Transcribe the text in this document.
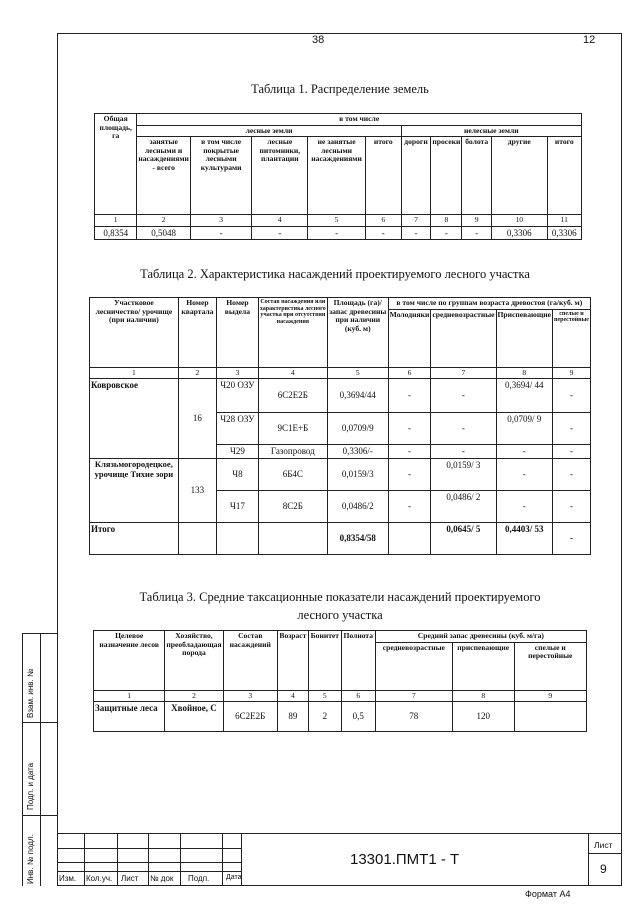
38	12
Таблица 1. Распределение земель
Общая площадь, га	в том числе									
	лесные земли					нелесные земли				
	занятые лесными и насаждениями - всего	в том числе покрытые лесными культурами	лесные питомники, плантации	не занятые лесными насаждениями	итого	дороги	просеки	болота	другие	итого
1	2	3	4	5	6	7	8	9	10	11
0,8354	0,5048	-	-	-	-	-	-	-	0,3306	0,3306
Таблица 2. Характеристика насаждений проектируемого лесного участка
Участковое лесничество/ урочище (при наличии)	Номер квартала	Номер выдела	Состав насаждения или характеристика лесного участка при отсутствии насаждения	Площадь (га)/запас древесины при наличии (куб. м)	в том числе по группам возраста древостоя (га/куб. м)			
					Молодняки	средневозрастные	Приспевающие	спелые и перестойные
1	2	3	4	5	6	7	8	9
Ковровское	16	Ч20 ОЗУ	6С2Е2Б	0,3694/44	-	-	0,3694/ 44	-
		Ч28 ОЗУ	9С1Е+Б	0,0709/9	-	-	0,0709/ 9	-
		Ч29	Газопровод	0,3306/-	-	-	-	-
Клязьмогородецкое, урочище Тихие зори	133	Ч8	6Б4С	0,0159/3	-	0,0159/ 3	-	-
		Ч17	8С2Б	0,0486/2	-	0,0486/ 2	-	-
Итого				0,8354/58		0,0645/ 5	0,4403/ 53	-
Таблица 3. Средние таксационные показатели насаждений проектируемого
лесного участка
Целевое назначение лесов	Хозяйство, преобладающая порода	Состав насаждений	Возраст	Бонитет	Полнота	Средний запас древесины (куб. м/га)		
						средневозрастные	приспевающие	спелые и перестойные
1	2	3	4	5	6	7	8	9
Защитные леса	Хвойное, С	6С2Е2Б	89	2	0,5	78	120	
Взам. инв. №
Подп. и дата
Инв. № подл.	Изм. Кол.уч. Лист № док Подп. Дата
13301.ПМТ1 - Т
Лист
9
Формат А4
